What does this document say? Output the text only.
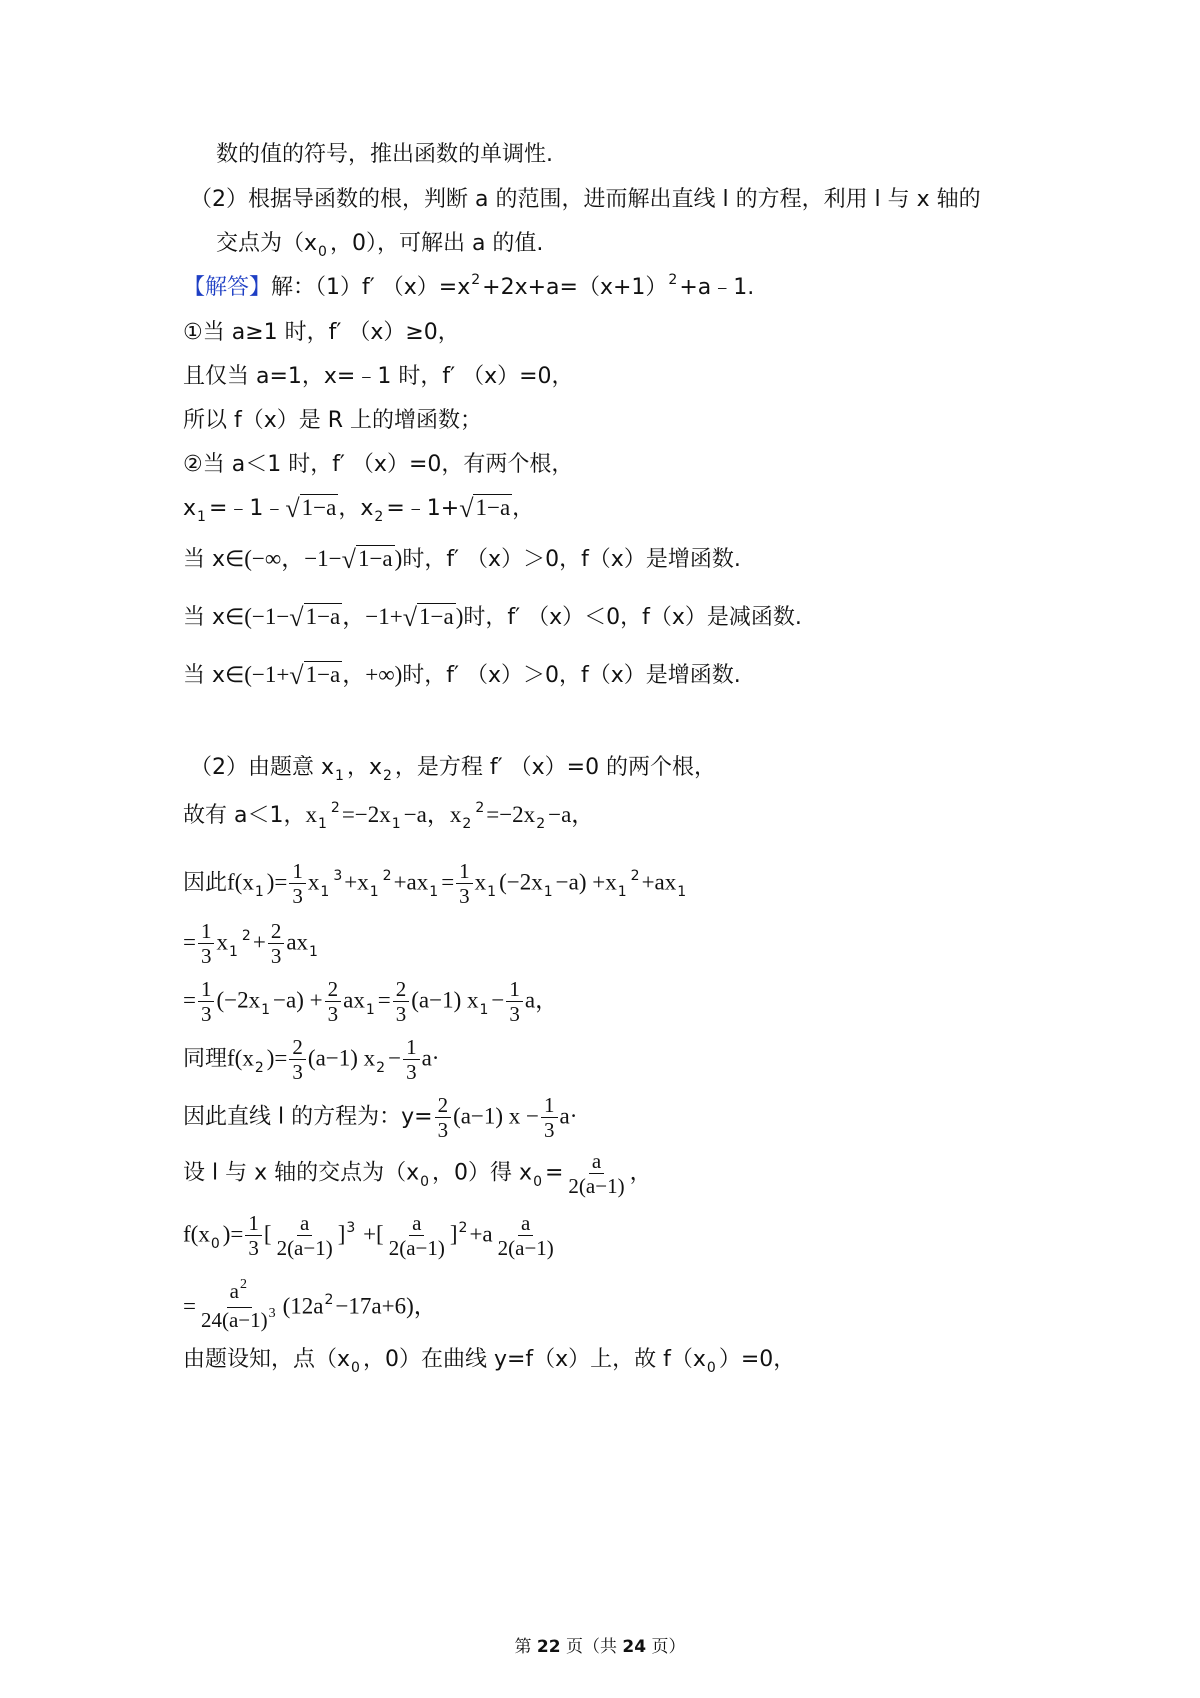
数的值的符号，推出函数的单调性.
（2）根据导函数的根，判断 a 的范围，进而解出直线 l 的方程，利用 l 与 x 轴的
交点为（$x_0$ ，0），可解出 a 的值.
【解答】解：（1）f′ $(x)=x^2+2x+a=(x+1)^2+a﹣1$.
①当 a≥1 时，f′ （x）≥0，
且仅当 a=1，x=﹣1 时，f′ （x）=0，
所以 f（x）是 R 上的增函数；
②当 a＜1 时，f′ （x）=0，有两个根，
$x_1$ =﹣1﹣√1−a，$x_2$ =﹣1+√1−a，
当 x∈(−∞，−1−√1−a)时，f′ （x）＞0，f（x）是增函数.
当 x∈(−1−√1−a，−1+√1−a)时，f′ （x）＜0，f（x）是减函数.
当 x∈(−1+√1−a，+∞)时，f′ （x）＞0，f（x）是增函数.
（2）由题意 $x_1$ ，$x_2$ ，是方程 f′ （x）=0 的两个根，
故有 a＜1，$x_1^2=-2x_1 -a$，$x_2^2=-2x_2 -a$，
因此$f(x_1$ )= $\frac{1}{3} x_1^3+x_1^2+ax_1 = \frac{1}{3} x_1$ $(-2x_1 -a) +x_1^2+ax_1$
= $\frac{1}{3} x_1^2+ \frac{2}{3} ax_1$
= $\frac{1}{3} (-2x_1 -a) + \frac{2}{3} ax_1 = \frac{2}{3} (a-1) x_1 - \frac{1}{3}$ a，
同理$f(x_2$ )= $\frac{2}{3} (a-1) x_2 - \frac{1}{3} a\cdot$
因此直线 l 的方程为：$y= \frac{2}{3} (a-1) x - \frac{1}{3} a\cdot$
设 l 与 x 轴的交点为（$x_0$ ，0）得 $x_0 = \frac{a}{2(a-1)}$ ，
$f(x_0$ )= $\frac{1}{3}$ [ $\frac{a}{2(a-1)} ]^3$ +[ $\frac{a}{2(a-1)} ]^2+a \frac{a}{2(a-1)}$
= $\frac{a^2}{24(a-1)^3} (12a^2-17a+6)$，
由题设知，点（$x_0$ ，0）在曲线 y=f（x）上，故 $f(x_0$ ）=0，
第 22 页（共 24 页）
